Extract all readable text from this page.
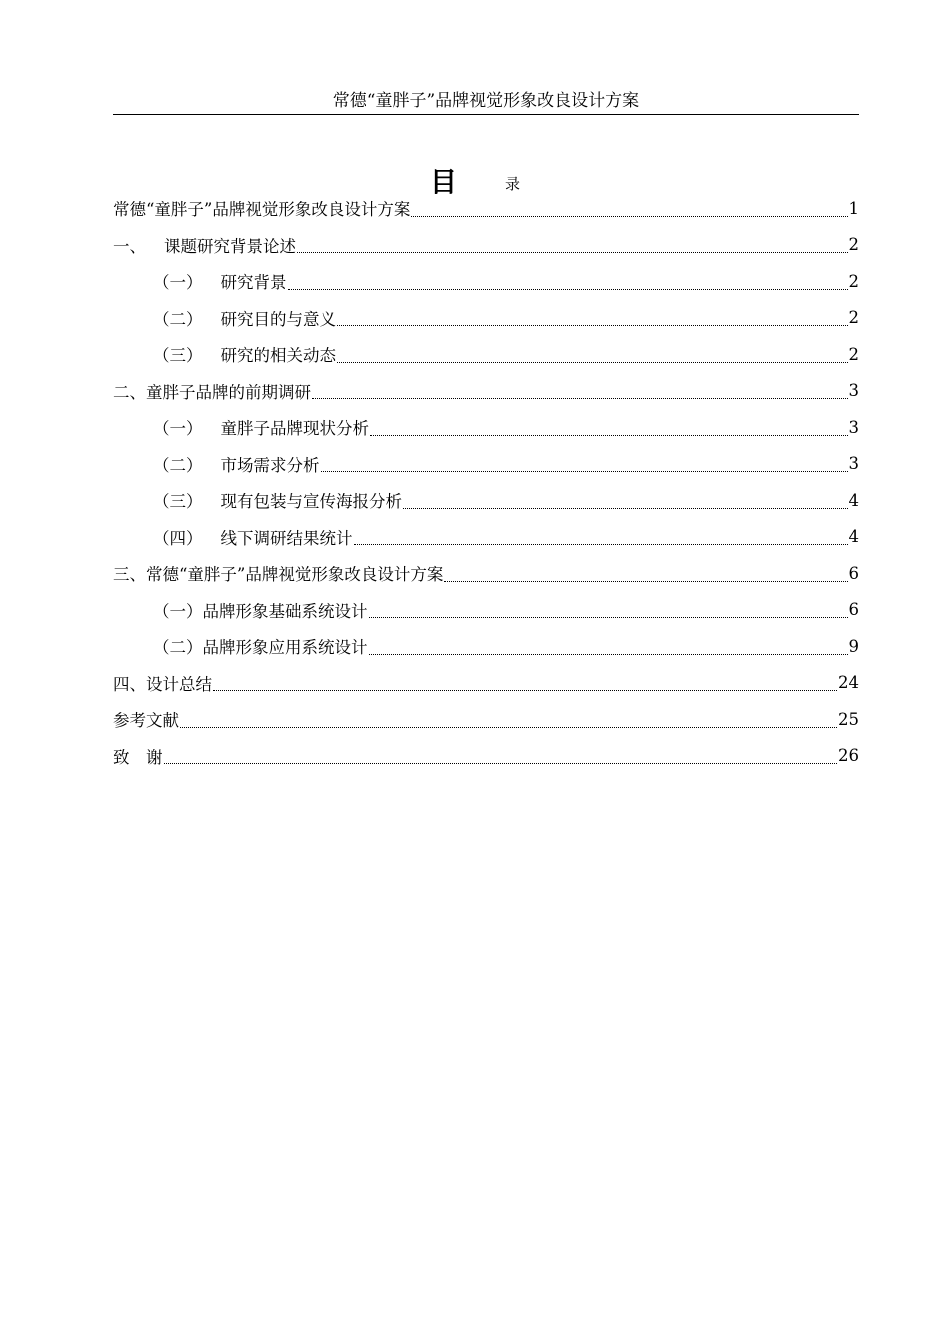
常德“童胖子”品牌视觉形象改良设计方案
目	录
常德“童胖子”品牌视觉形象改良设计方案	1
一、 课题研究背景论述	2
（一） 研究背景	2
（二） 研究目的与意义	2
（三） 研究的相关动态	2
二、童胖子品牌的前期调研	3
（一） 童胖子品牌现状分析	3
（二） 市场需求分析	3
（三） 现有包装与宣传海报分析	4
（四） 线下调研结果统计	4
三、常德“童胖子”品牌视觉形象改良设计方案	6
（一）品牌形象基础系统设计	6
（二）品牌形象应用系统设计	9
四、设计总结	24
参考文献	25
致　谢	26
